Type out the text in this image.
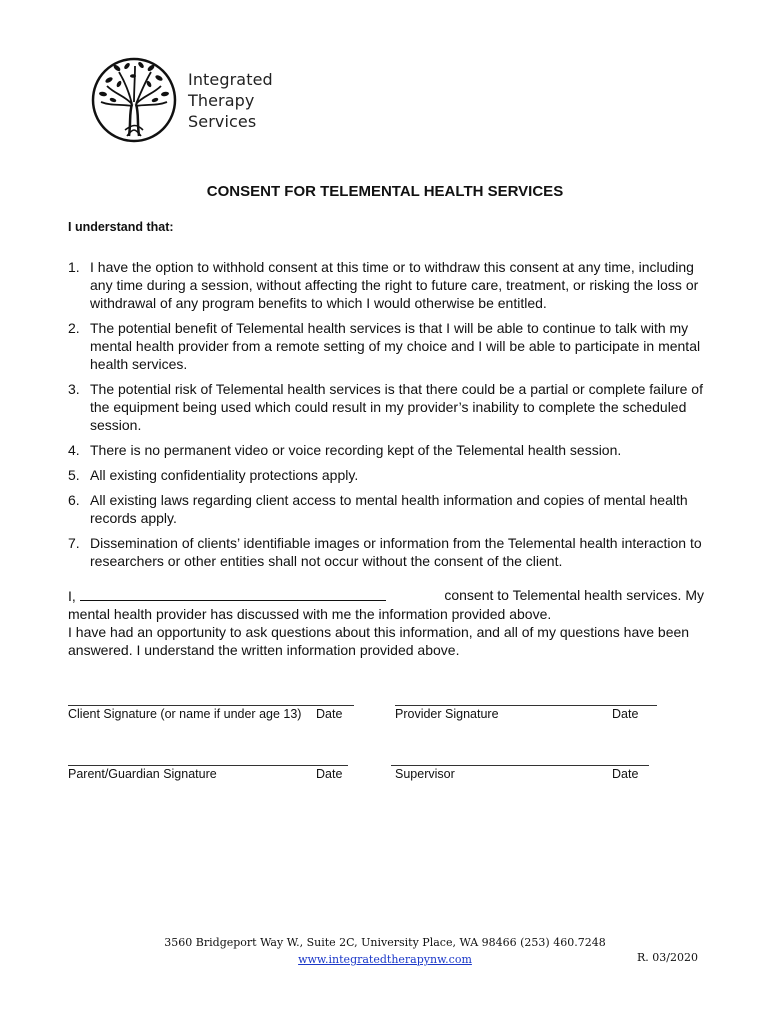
Integrated
Therapy
Services
CONSENT FOR TELEMENTAL HEALTH SERVICES
I understand that:
1. I have the option to withhold consent at this time or to withdraw this consent at any time, including any time during a session, without affecting the right to future care, treatment, or risking the loss or withdrawal of any program benefits to which I would otherwise be entitled.
2. The potential benefit of Telemental health services is that I will be able to continue to talk with my mental health provider from a remote setting of my choice and I will be able to participate in mental health services.
3. The potential risk of Telemental health services is that there could be a partial or complete failure of the equipment being used which could result in my provider’s inability to complete the scheduled session.
4. There is no permanent video or voice recording kept of the Telemental health session.
5. All existing confidentiality protections apply.
6. All existing laws regarding client access to mental health information and copies of mental health records apply.
7. Dissemination of clients’ identifiable images or information from the Telemental health interaction to researchers or other entities shall not occur without the consent of the client.
I,	consent to Telemental health services. My
mental health provider has discussed with me the information provided above.
I have had an opportunity to ask questions about this information, and all of my questions have been answered. I understand the written information provided above.
Client Signature (or name if under age 13) Date	Provider Signature	Date
Parent/Guardian Signature	Date	Supervisor	Date
3560 Bridgeport Way W., Suite 2C, University Place, WA 98466 (253) 460.7248
www.integratedtherapynw.com	R. 03/2020
